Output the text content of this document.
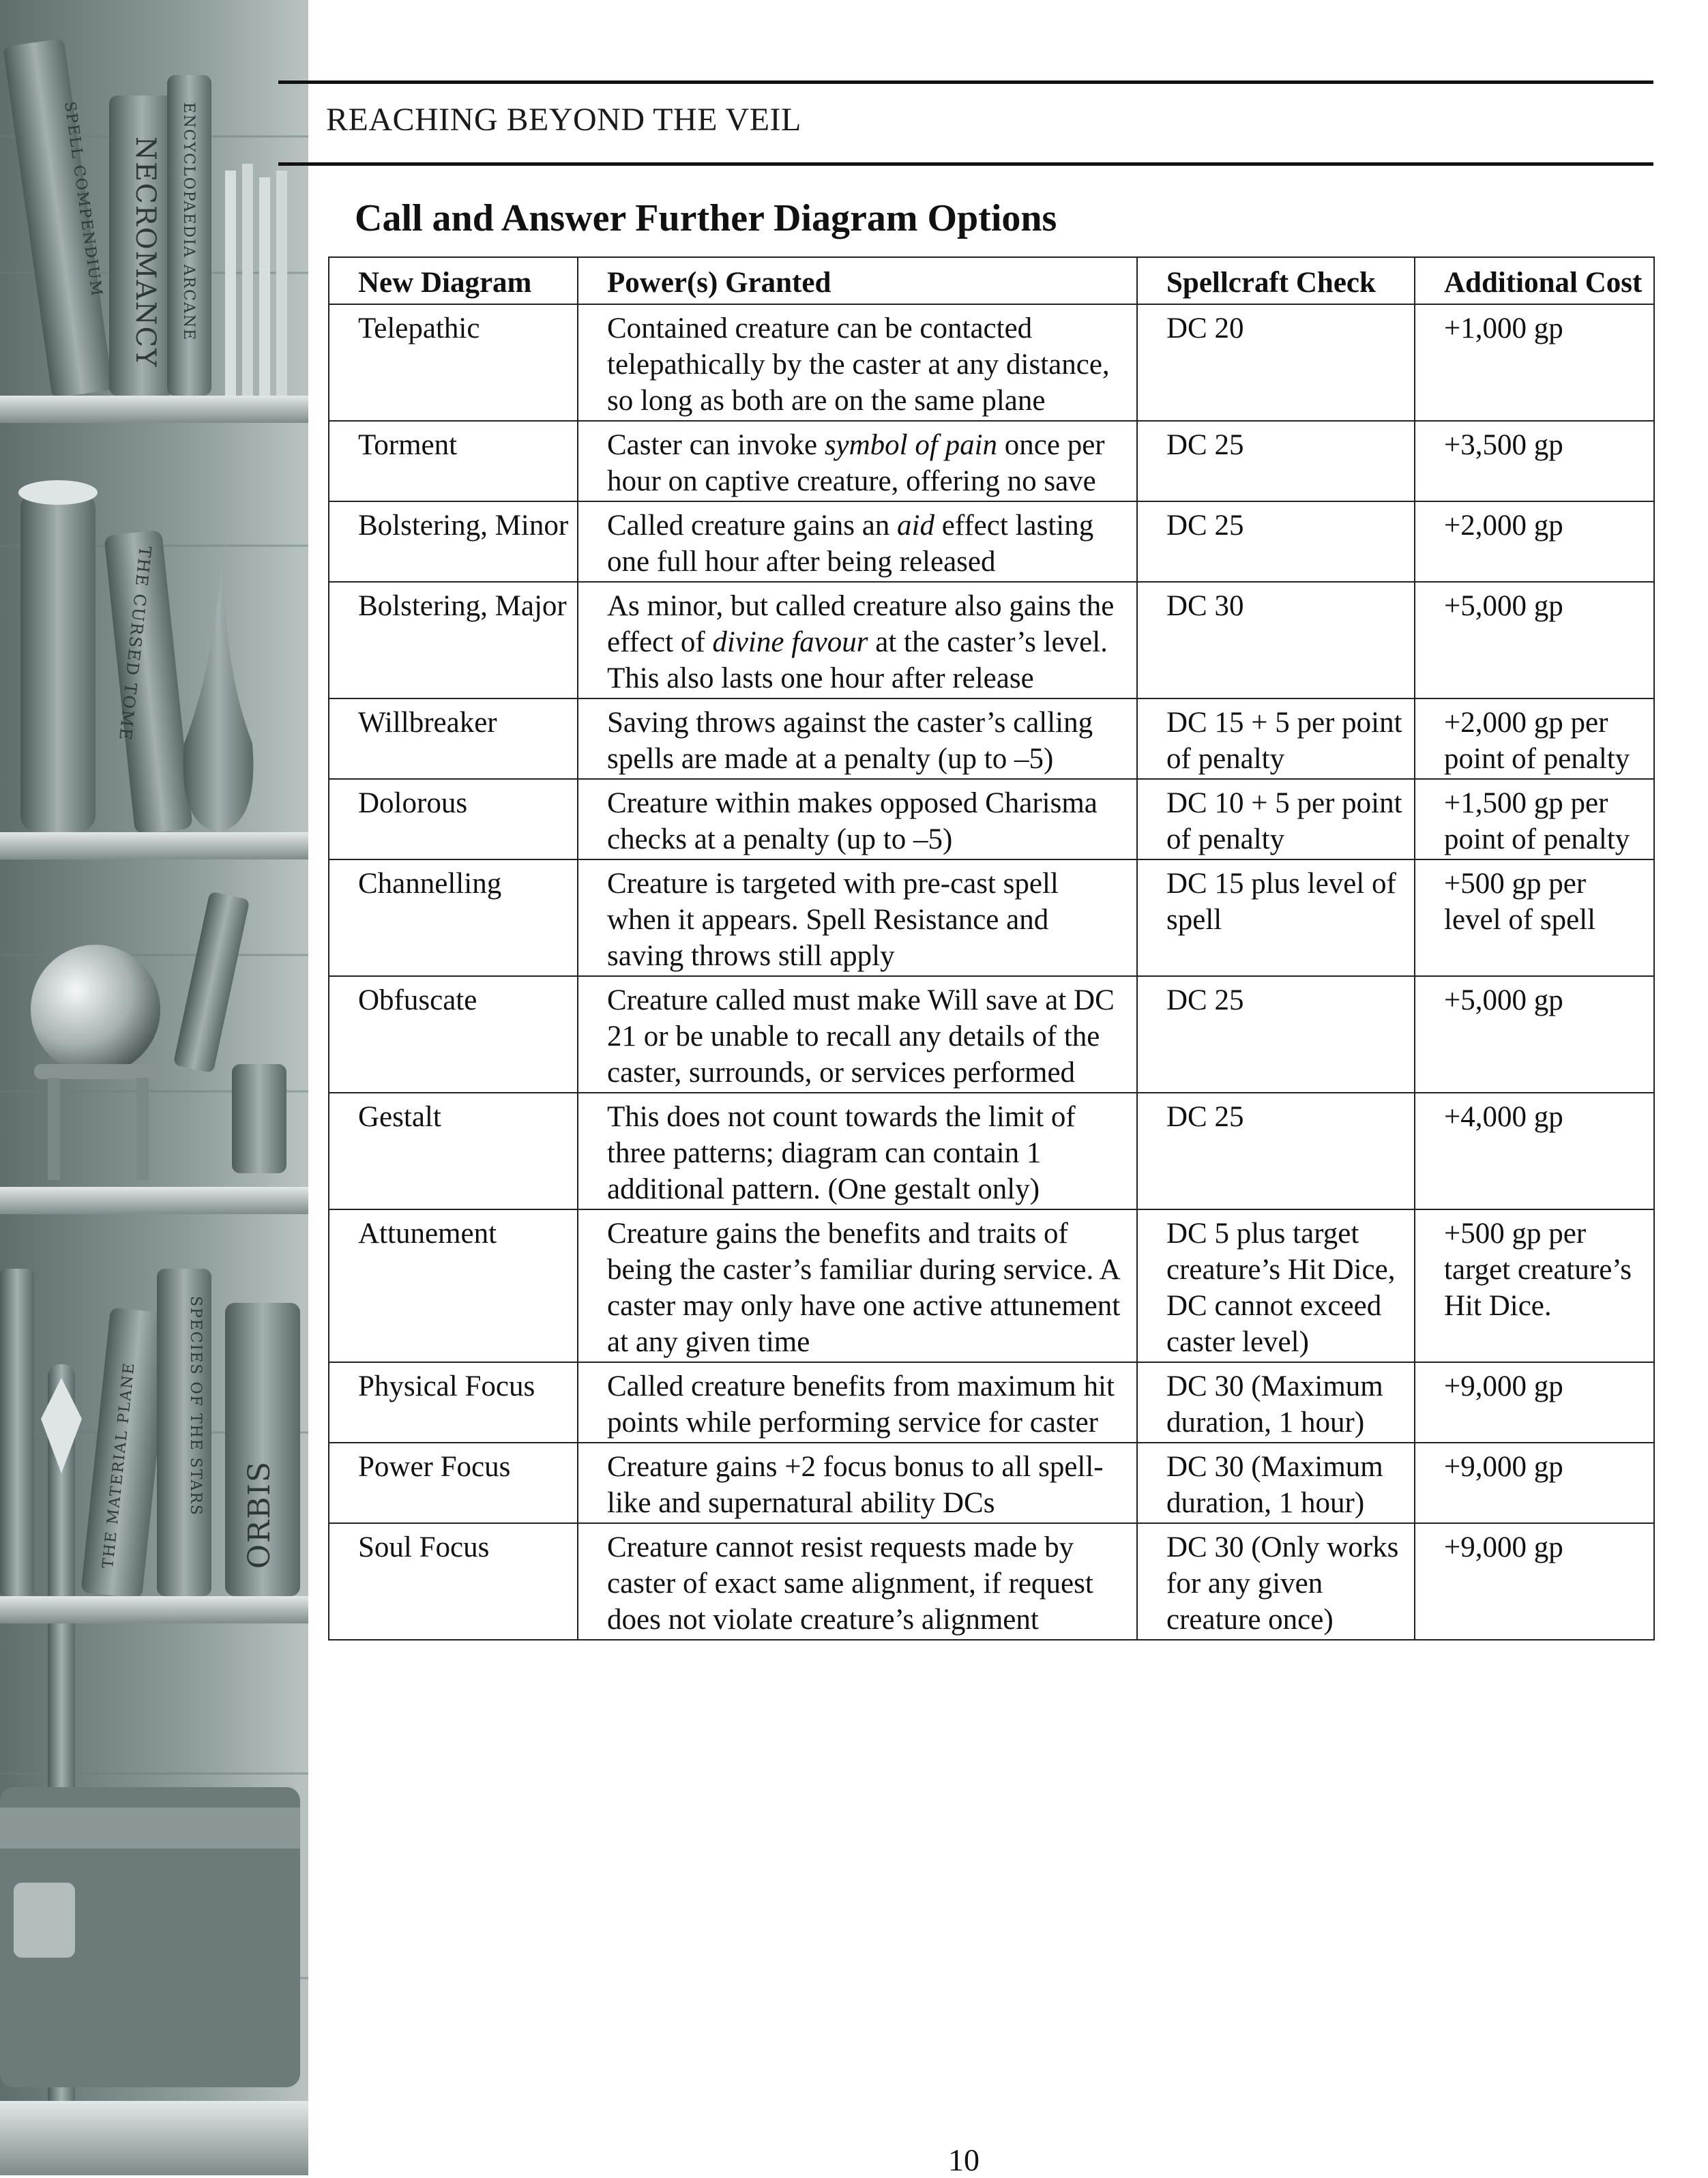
SPELL COMPENDIUM NECROMANCY ENCYCLOPAEDIA ARCANE
THE CURSED TOME
THE MATERIAL PLANE	SPECIES OF THE STARS ORBIS
REACHING BEYOND THE VEIL
Call and Answer Further Diagram Options
New Diagram	Power(s) Granted	Spellcraft Check	Additional Cost
Telepathic	Contained creature can be contacted telepathically by the caster at any distance, so long as both are on the same plane	DC 20	+1,000 gp
Torment	Caster can invoke symbol of pain once per hour on captive creature, offering no save	DC 25	+3,500 gp
Bolstering, Minor	Called creature gains an aid effect lasting one full hour after being released	DC 25	+2,000 gp
Bolstering, Major	As minor, but called creature also gains the effect of divine favour at the caster’s level. This also lasts one hour after release	DC 30	+5,000 gp
Willbreaker	Saving throws against the caster’s calling spells are made at a penalty (up to –5)	DC 15 + 5 per point of penalty	+2,000 gp per point of penalty
Dolorous	Creature within makes opposed Charisma checks at a penalty (up to –5)	DC 10 + 5 per point of penalty	+1,500 gp per point of penalty
Channelling	Creature is targeted with pre-cast spell when it appears. Spell Resistance and saving throws still apply	DC 15 plus level of spell	+500 gp per level of spell
Obfuscate	Creature called must make Will save at DC 21 or be unable to recall any details of the caster, surrounds, or services performed	DC 25	+5,000 gp
Gestalt	This does not count towards the limit of three patterns; diagram can contain 1 additional pattern. (One gestalt only)	DC 25	+4,000 gp
Attunement	Creature gains the benefits and traits of being the caster’s familiar during service. A caster may only have one active attunement at any given time	DC 5 plus target creature’s Hit Dice, DC cannot exceed caster level)	+500 gp per target creature’s Hit Dice.
Physical Focus	Called creature benefits from maximum hit points while performing service for caster	DC 30 (Maximum duration, 1 hour)	+9,000 gp
Power Focus	Creature gains +2 focus bonus to all spell-like and supernatural ability DCs	DC 30 (Maximum duration, 1 hour)	+9,000 gp
Soul Focus	Creature cannot resist requests made by caster of exact same alignment, if request does not violate creature’s alignment	DC 30 (Only works for any given creature once)	+9,000 gp
10
